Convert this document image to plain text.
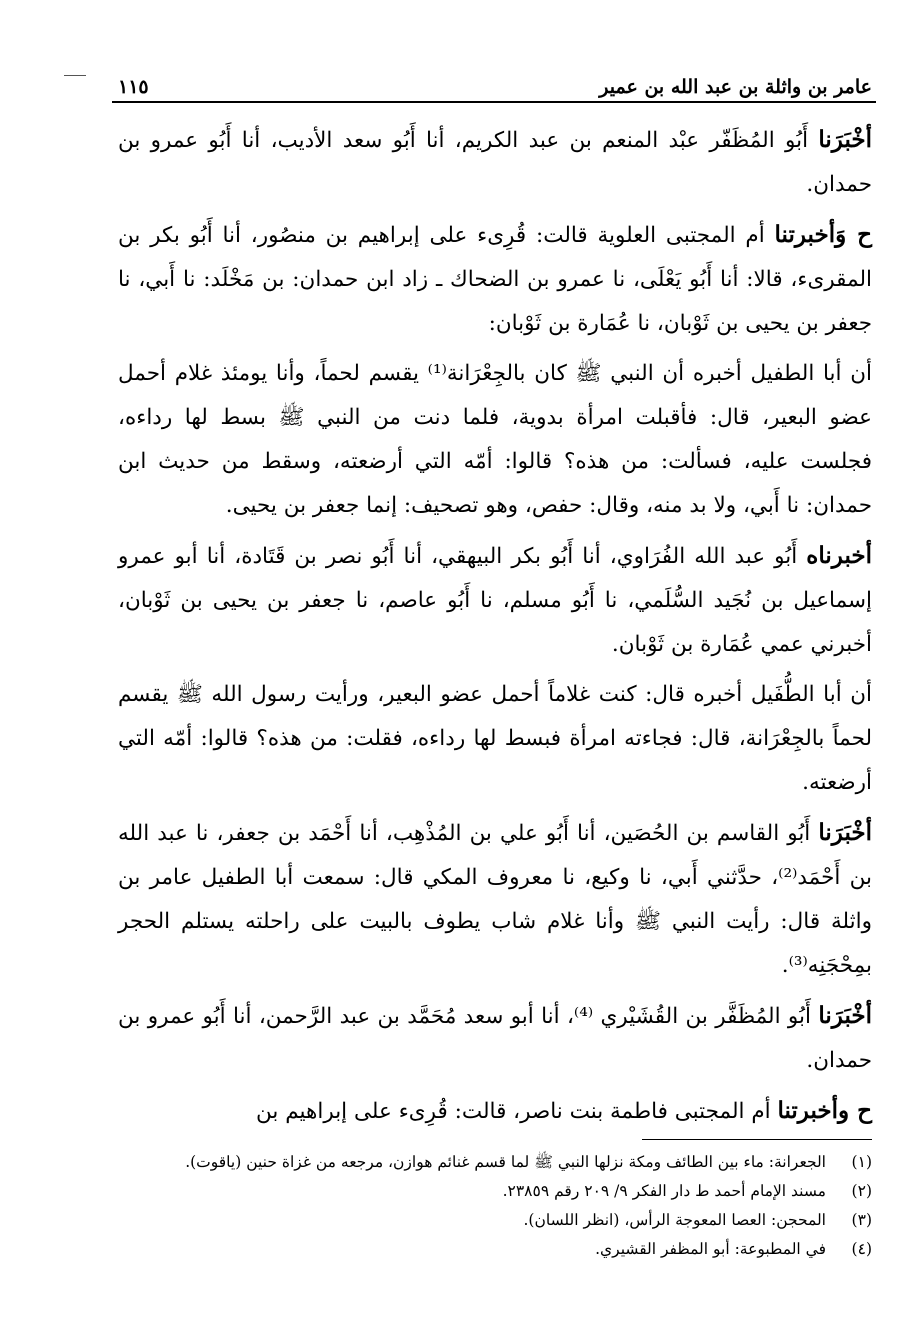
عامر بن واثلة بن عبد الله بن عمير
١١٥

أخْبَرَنا أَبُو المُظَفّر عبْد المنعم بن عبد الكريم، أنا أَبُو سعد الأديب، أنا أَبُو عمرو بن حمدان.

ح وَأخبرتنا أم المجتبى العلوية قالت: قُرِىء على إبراهيم بن منصُور، أنا أَبُو بكر بن المقرىء، قالا: أنا أَبُو يَعْلَى، نا عمرو بن الضحاك ـ زاد ابن حمدان: بن مَخْلَد: نا أَبي، نا جعفر بن يحيى بن ثَوْبان، نا عُمَارة بن ثَوْبان:

أن أبا الطفيل أخبره أن النبي ﷺ كان بالجِعْرَانة⁽¹⁾ يقسم لحماً، وأنا يومئذ غلام أحمل عضو البعير، قال: فأقبلت امرأة بدوية، فلما دنت من النبي ﷺ بسط لها رداءه، فجلست عليه، فسألت: من هذه؟ قالوا: أمّه التي أرضعته، وسقط من حديث ابن حمدان: نا أَبي، ولا بد منه، وقال: حفص، وهو تصحيف: إنما جعفر بن يحيى.

أخبرناه أَبُو عبد الله الفُرَاوي، أنا أَبُو بكر البيهقي، أنا أَبُو نصر بن قَتَادة، أنا أبو عمرو إسماعيل بن نُجَيد السُّلَمي، نا أَبُو مسلم، نا أَبُو عاصم، نا جعفر بن يحيى بن ثَوْبان، أخبرني عمي عُمَارة بن ثَوْبان.

أن أبا الطُّفَيل أخبره قال: كنت غلاماً أحمل عضو البعير، ورأيت رسول الله ﷺ يقسم لحماً بالجِعْرَانة، قال: فجاءته امرأة فبسط لها رداءه، فقلت: من هذه؟ قالوا: أمّه التي أرضعته.

أخْبَرَنا أَبُو القاسم بن الحُصَين، أنا أَبُو علي بن المُذْهِب، أنا أَحْمَد بن جعفر، نا عبد الله بن أَحْمَد⁽²⁾، حدَّثني أَبي، نا وكيع، نا معروف المكي قال: سمعت أبا الطفيل عامر بن واثلة قال: رأيت النبي ﷺ وأنا غلام شاب يطوف بالبيت على راحلته يستلم الحجر بمِحْجَنِه⁽³⁾.

أخْبَرَنا أَبُو المُظَفَّر بن القُشَيْري ⁽⁴⁾، أنا أبو سعد مُحَمَّد بن عبد الرَّحمن، أنا أَبُو عمرو بن حمدان.

ح وأخبرتنا أم المجتبى فاطمة بنت ناصر، قالت: قُرِىء على إبراهيم بن

(١)
الجعرانة: ماء بين الطائف ومكة نزلها النبي ﷺ لما قسم غنائم هوازن، مرجعه من غزاة حنين (ياقوت).
(٢)
مسند الإمام أحمد ط دار الفكر ٩/ ٢٠٩ رقم ٢٣٨٥٩.
(٣)
المحجن: العصا المعوجة الرأس، (انظر اللسان).
(٤)
في المطبوعة: أبو المظفر القشيري.
